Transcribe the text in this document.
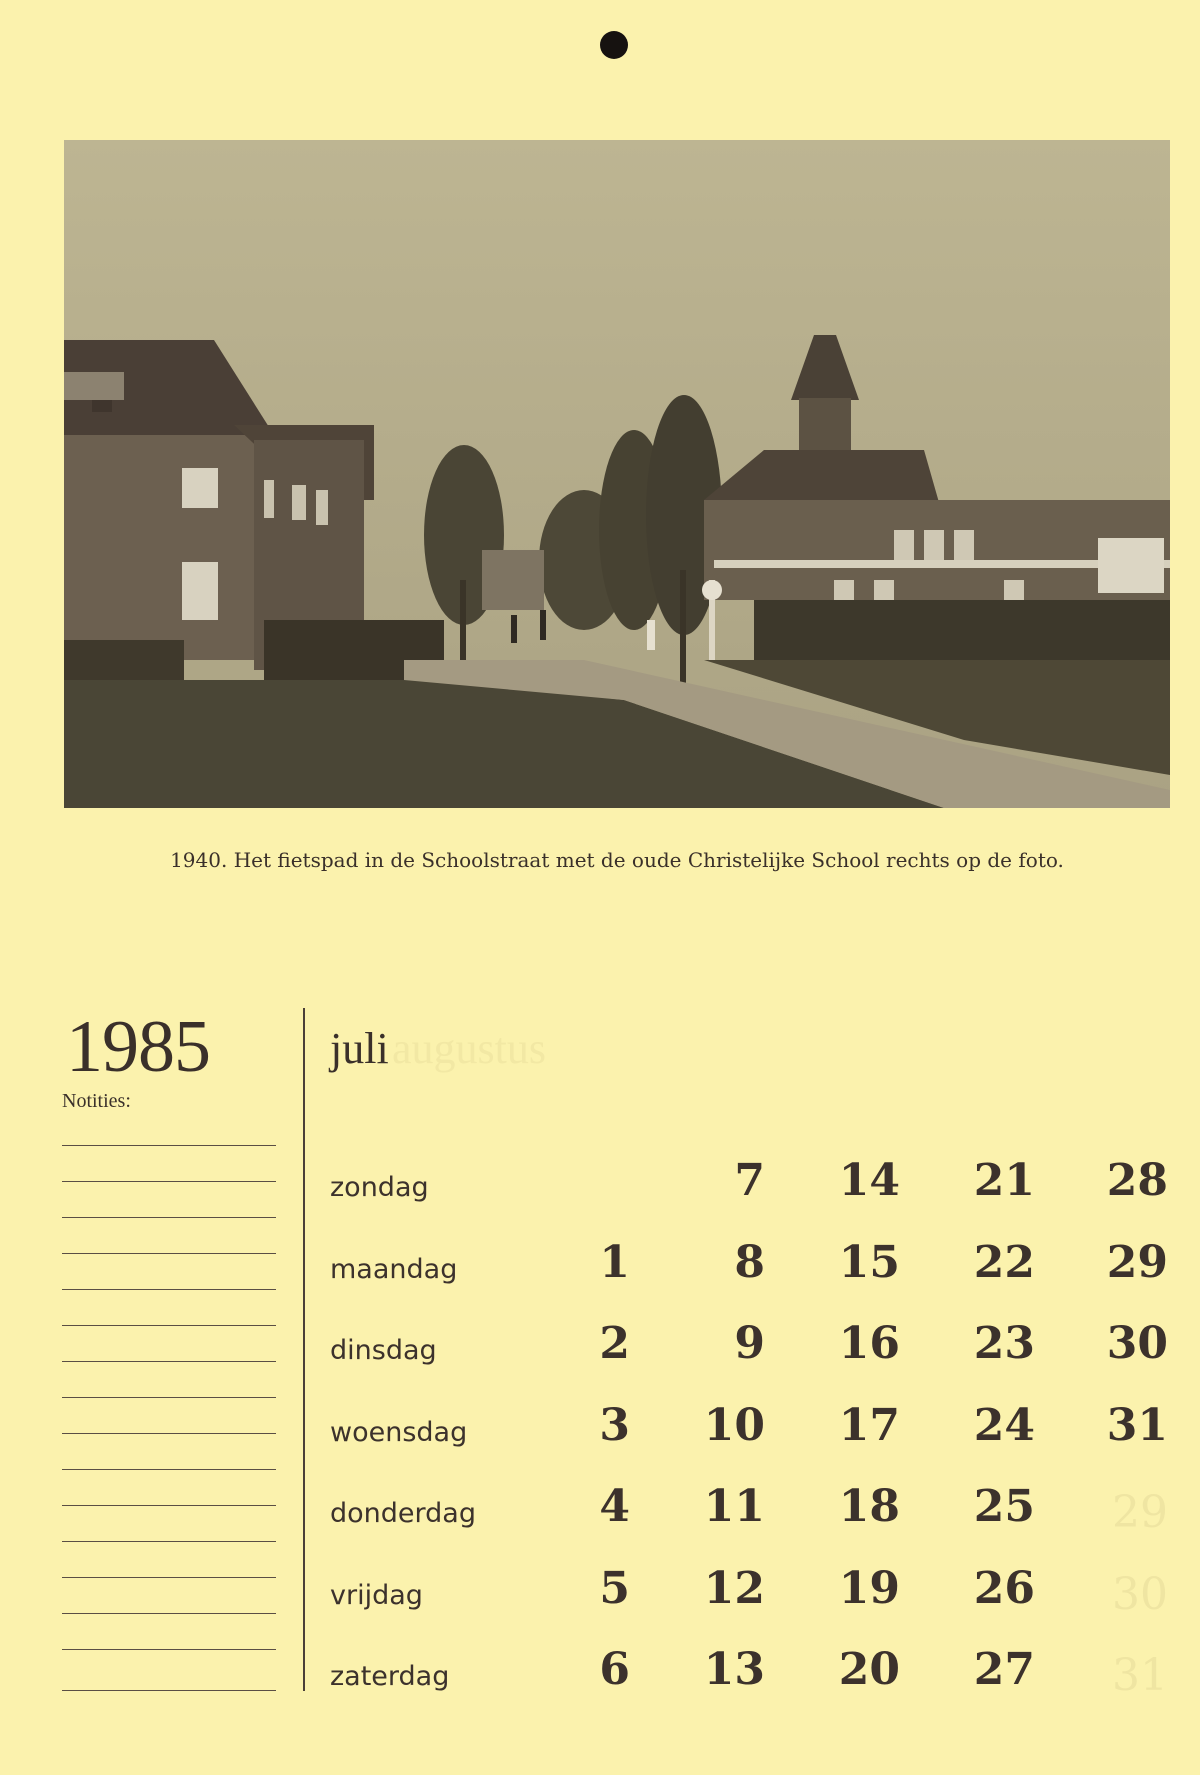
1940. Het fietspad in de Schoolstraat met de oude Christelijke School rechts op de foto.
1985
Notities:
augustus
juli
zondag
maandag
dinsdag
woensdag
donderdag
vrijdag
zaterdag
29
30
31
1
2
3
4
5
6
7
8
9
10
11
12
13
14
15
16
17
18
19
20
21
22
23
24
25
26
27
28
29
30
31
